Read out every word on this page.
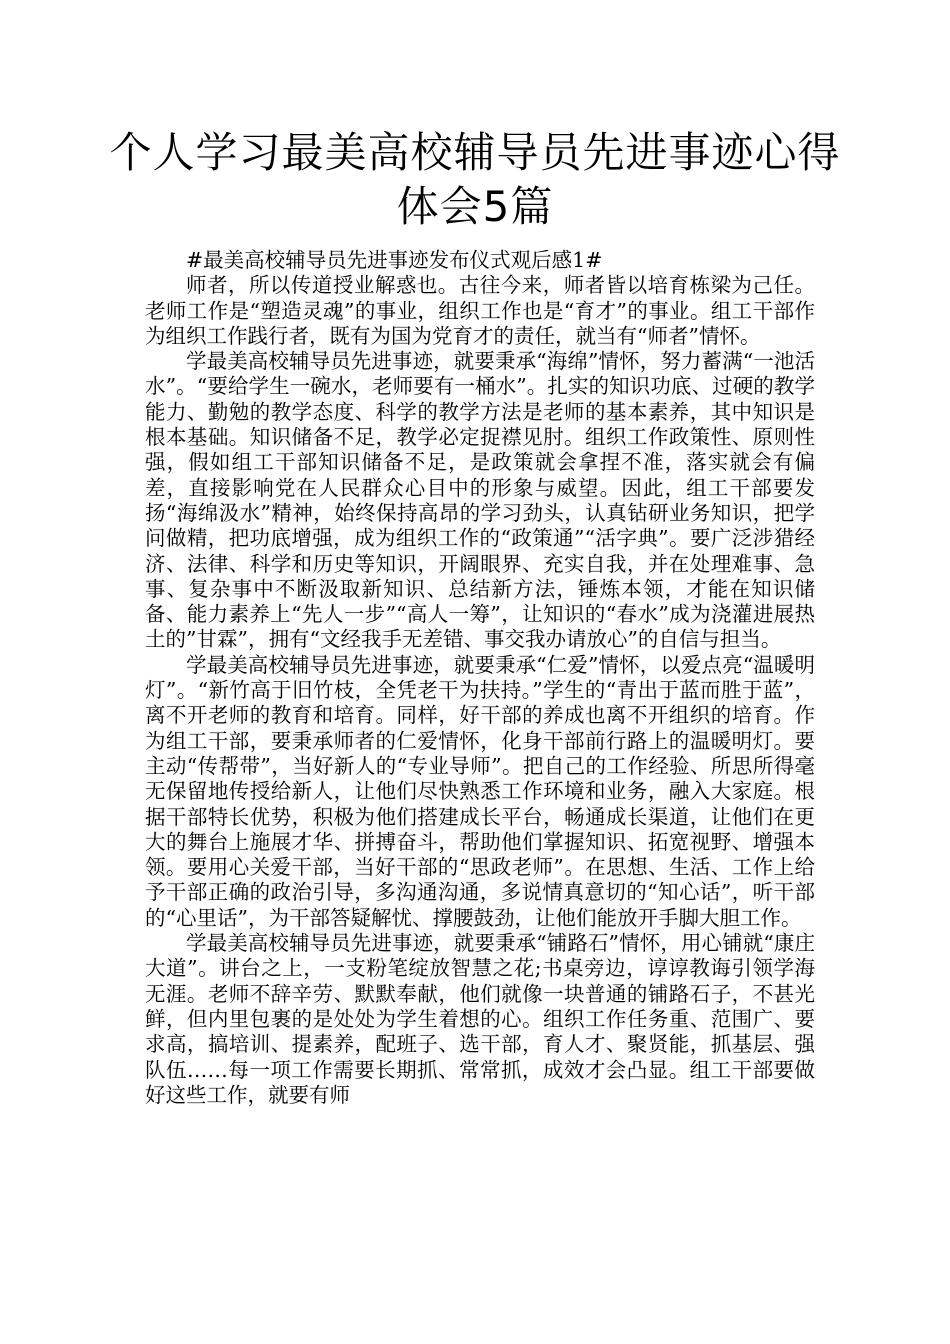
个人学习最美高校辅导员先进事迹心得
体会5篇

#最美高校辅导员先进事迹发布仪式观后感1#

师者，所以传道授业解惑也。古往今来，师者皆以培育栋梁为己任。老师工作是“塑造灵魂”的事业，组织工作也是“育才”的事业。组工干部作为组织工作践行者，既有为国为党育才的责任，就当有“师者”情怀。

学最美高校辅导员先进事迹，就要秉承“海绵”情怀，努力蓄满“一池活水”。“要给学生一碗水，老师要有一桶水”。扎实的知识功底、过硬的教学能力、勤勉的教学态度、科学的教学方法是老师的基本素养，其中知识是根本基础。知识储备不足，教学必定捉襟见肘。组织工作政策性、原则性强，假如组工干部知识储备不足，是政策就会拿捏不准，落实就会有偏差，直接影响党在人民群众心目中的形象与威望。因此，组工干部要发扬“海绵汲水”精神，始终保持高昂的学习劲头，认真钻研业务知识，把学问做精，把功底增强，成为组织工作的“政策通”“活字典”。要广泛涉猎经济、法律、科学和历史等知识，开阔眼界、充实自我，并在处理难事、急事、复杂事中不断汲取新知识、总结新方法，锤炼本领，才能在知识储备、能力素养上“先人一步”“高人一筹”，让知识的“春水”成为浇灌进展热土的”甘霖”，拥有“文经我手无差错、事交我办请放心”的自信与担当。

学最美高校辅导员先进事迹，就要秉承“仁爱”情怀，以爱点亮“温暖明灯”。“新竹高于旧竹枝，全凭老干为扶持。”学生的“青出于蓝而胜于蓝”，离不开老师的教育和培育。同样，好干部的养成也离不开组织的培育。作为组工干部，要秉承师者的仁爱情怀，化身干部前行路上的温暖明灯。要主动“传帮带”，当好新人的“专业导师”。把自己的工作经验、所思所得毫无保留地传授给新人，让他们尽快熟悉工作环境和业务，融入大家庭。根据干部特长优势，积极为他们搭建成长平台，畅通成长渠道，让他们在更大的舞台上施展才华、拼搏奋斗，帮助他们掌握知识、拓宽视野、增强本领。要用心关爱干部，当好干部的“思政老师”。在思想、生活、工作上给予干部正确的政治引导，多沟通沟通，多说情真意切的“知心话”，听干部的“心里话”，为干部答疑解忧、撑腰鼓劲，让他们能放开手脚大胆工作。

学最美高校辅导员先进事迹，就要秉承“铺路石”情怀，用心铺就“康庄大道”。讲台之上，一支粉笔绽放智慧之花;书桌旁边，谆谆教诲引领学海无涯。老师不辞辛劳、默默奉献，他们就像一块普通的铺路石子，不甚光鲜，但内里包裹的是处处为学生着想的心。组织工作任务重、范围广、要求高，搞培训、提素养，配班子、选干部，育人才、聚贤能，抓基层、强队伍……每一项工作需要长期抓、常常抓，成效才会凸显。组工干部要做好这些工作，就要有师
